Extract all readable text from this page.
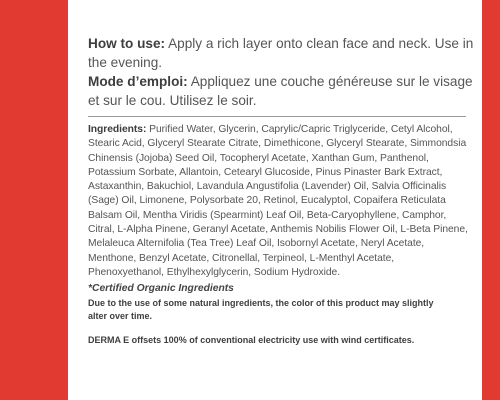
How to use: Apply a rich layer onto clean face and neck. Use in the evening.
Mode d’emploi: Appliquez une couche généreuse sur le visage et sur le cou. Utilisez le soir.
Ingredients: Purified Water, Glycerin, Caprylic/Capric Triglyceride, Cetyl Alcohol, Stearic Acid, Glyceryl Stearate Citrate, Dimethicone, Glyceryl Stearate, Simmondsia Chinensis (Jojoba) Seed Oil, Tocopheryl Acetate, Xanthan Gum, Panthenol, Potassium Sorbate, Allantoin, Cetearyl Glucoside, Pinus Pinaster Bark Extract, Astaxanthin, Bakuchiol, Lavandula Angustifolia (Lavender) Oil, Salvia Officinalis (Sage) Oil, Limonene, Polysorbate 20, Retinol, Eucalyptol, Copaifera Reticulata Balsam Oil, Mentha Viridis (Spearmint) Leaf Oil, Beta-Caryophyllene, Camphor, Citral, L-Alpha Pinene, Geranyl Acetate, Anthemis Nobilis Flower Oil, L-Beta Pinene, Melaleuca Alternifolia (Tea Tree) Leaf Oil, Isobornyl Acetate, Neryl Acetate, Menthone, Benzyl Acetate, Citronellal, Terpineol, L-Menthyl Acetate, Phenoxyethanol, Ethylhexylglycerin, Sodium Hydroxide.
*Certified Organic Ingredients
Due to the use of some natural ingredients, the color of this product may slightly alter over time.
DERMA E offsets 100% of conventional electricity use with wind certificates.
